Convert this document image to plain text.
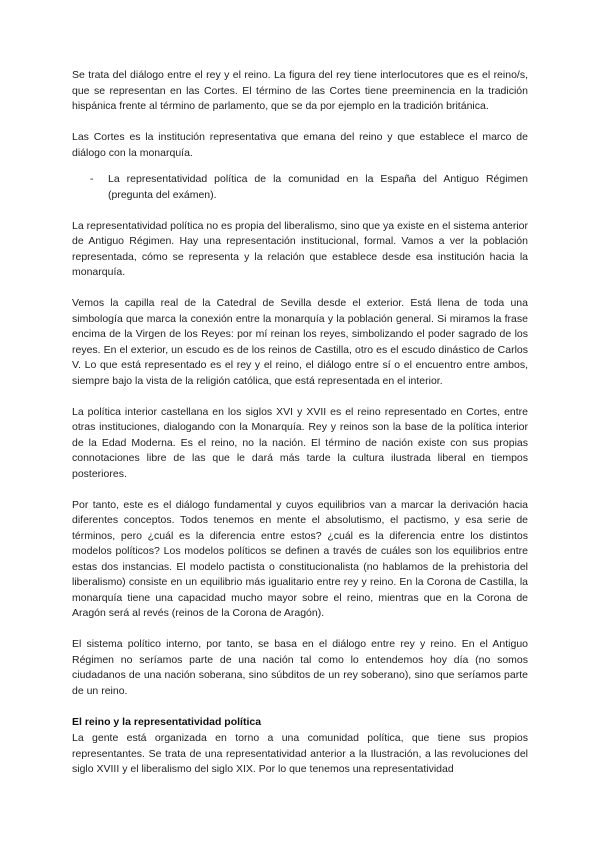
Se trata del diálogo entre el rey y el reino. La figura del rey tiene interlocutores que es el reino/s, que se representan en las Cortes. El término de las Cortes tiene preeminencia en la tradición hispánica frente al término de parlamento, que se da por ejemplo en la tradición británica.

Las Cortes es la institución representativa que emana del reino y que establece el marco de diálogo con la monarquía.

-	La representatividad política de la comunidad en la España del Antiguo Régimen (pregunta del exámen).

La representatividad política no es propia del liberalismo, sino que ya existe en el sistema anterior de Antiguo Régimen. Hay una representación institucional, formal. Vamos a ver la población representada, cómo se representa y la relación que establece desde esa institución hacia la monarquía.

Vemos la capilla real de la Catedral de Sevilla desde el exterior. Está llena de toda una simbología que marca la conexión entre la monarquía y la población general. Si miramos la frase encima de la Virgen de los Reyes: por mí reinan los reyes, simbolizando el poder sagrado de los reyes. En el exterior, un escudo es de los reinos de Castilla, otro es el escudo dinástico de Carlos V. Lo que está representado es el rey y el reino, el diálogo entre sí o el encuentro entre ambos, siempre bajo la vista de la religión católica, que está representada en el interior.

La política interior castellana en los siglos XVI y XVII es el reino representado en Cortes, entre otras instituciones, dialogando con la Monarquía. Rey y reinos son la base de la política interior de la Edad Moderna. Es el reino, no la nación. El término de nación existe con sus propias connotaciones libre de las que le dará más tarde la cultura ilustrada liberal en tiempos posteriores.

Por tanto, este es el diálogo fundamental y cuyos equilibrios van a marcar la derivación hacia diferentes conceptos. Todos tenemos en mente el absolutismo, el pactismo, y esa serie de términos, pero ¿cuál es la diferencia entre estos? ¿cuál es la diferencia entre los distintos modelos políticos? Los modelos políticos se definen a través de cuáles son los equilibrios entre estas dos instancias. El modelo pactista o constitucionalista (no hablamos de la prehistoria del liberalismo) consiste en un equilibrio más igualitario entre rey y reino. En la Corona de Castilla, la monarquía tiene una capacidad mucho mayor sobre el reino, mientras que en la Corona de Aragón será al revés (reinos de la Corona de Aragón).

El sistema político interno, por tanto, se basa en el diálogo entre rey y reino. En el Antiguo Régimen no seríamos parte de una nación tal como lo entendemos hoy día (no somos ciudadanos de una nación soberana, sino súbditos de un rey soberano), sino que seríamos parte de un reino.

El reino y la representatividad política

La gente está organizada en torno a una comunidad política, que tiene sus propios representantes. Se trata de una representatividad anterior a la Ilustración, a las revoluciones del siglo XVIII y el liberalismo del siglo XIX. Por lo que tenemos una representatividad
